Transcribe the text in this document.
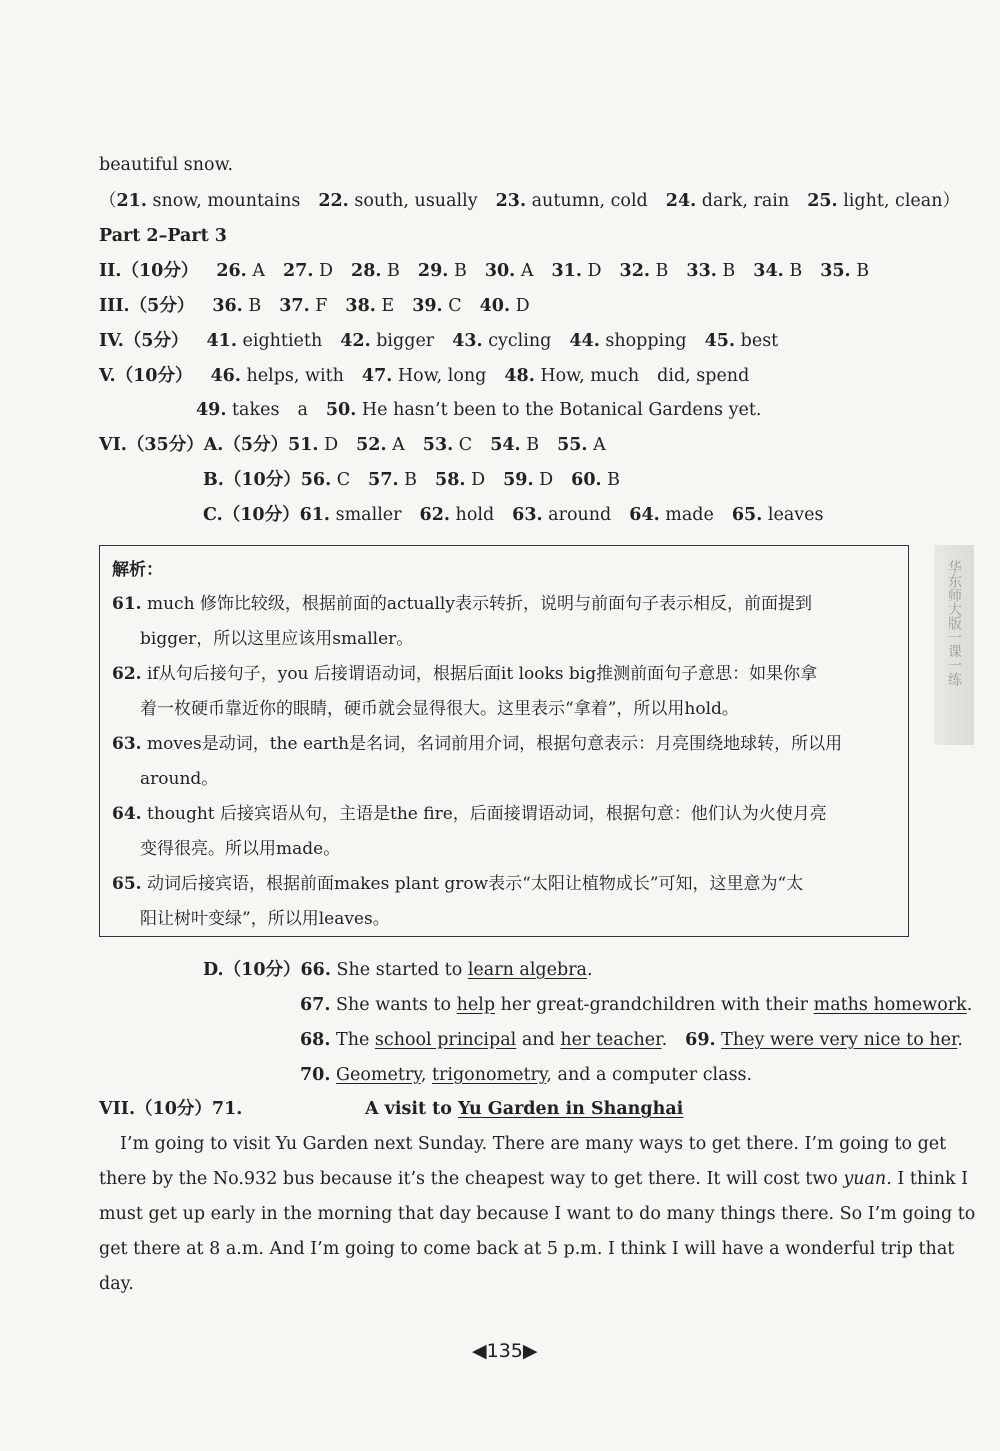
beautiful snow.
（21. snow, mountains 22. south, usually 23. autumn, cold 24. dark, rain 25. light, clean）
Part 2–Part 3
II.（10分） 26. A 27. D 28. B 29. B 30. A 31. D 32. B 33. B 34. B 35. B
III.（5分） 36. B 37. F 38. E 39. C 40. D
IV.（5分） 41. eightieth 42. bigger 43. cycling 44. shopping 45. best
V.（10分） 46. helps, with 47. How, long 48. How, much did, spend
49. takes a 50. He hasn’t been to the Botanical Gardens yet.
VI.（35分）A.（5分）51. D 52. A 53. C 54. B 55. A
B.（10分）56. C 57. B 58. D 59. D 60. B
C.（10分）61. smaller 62. hold 63. around 64. made 65. leaves
解析：
61. much 修饰比较级，根据前面的actually表示转折，说明与前面句子表示相反，前面提到
bigger，所以这里应该用smaller。
62. if从句后接句子，you 后接谓语动词，根据后面it looks big推测前面句子意思：如果你拿
着一枚硬币靠近你的眼睛，硬币就会显得很大。这里表示“拿着”，所以用hold。
63. moves是动词，the earth是名词，名词前用介词，根据句意表示：月亮围绕地球转，所以用
around。
64. thought 后接宾语从句，主语是the fire，后面接谓语动词，根据句意：他们认为火使月亮
变得很亮。所以用made。
65. 动词后接宾语，根据前面makes plant grow表示“太阳让植物成长”可知，这里意为“太
阳让树叶变绿”，所以用leaves。
D.（10分）66. She started to learn algebra.
67. She wants to help her great-grandchildren with their maths homework.
68. The school principal and her teacher. 69. They were very nice to her.
70. Geometry, trigonometry, and a computer class.
VII.（10分）71.	A visit to Yu Garden in Shanghai
I’m going to visit Yu Garden next Sunday. There are many ways to get there. I’m going to get
there by the No.932 bus because it’s the cheapest way to get there. It will cost two yuan. I think I
must get up early in the morning that day because I want to do many things there. So I’m going to
get there at 8 a.m. And I’m going to come back at 5 p.m. I think I will have a wonderful trip that
day.
◀135▶
华东师大版一课一练
